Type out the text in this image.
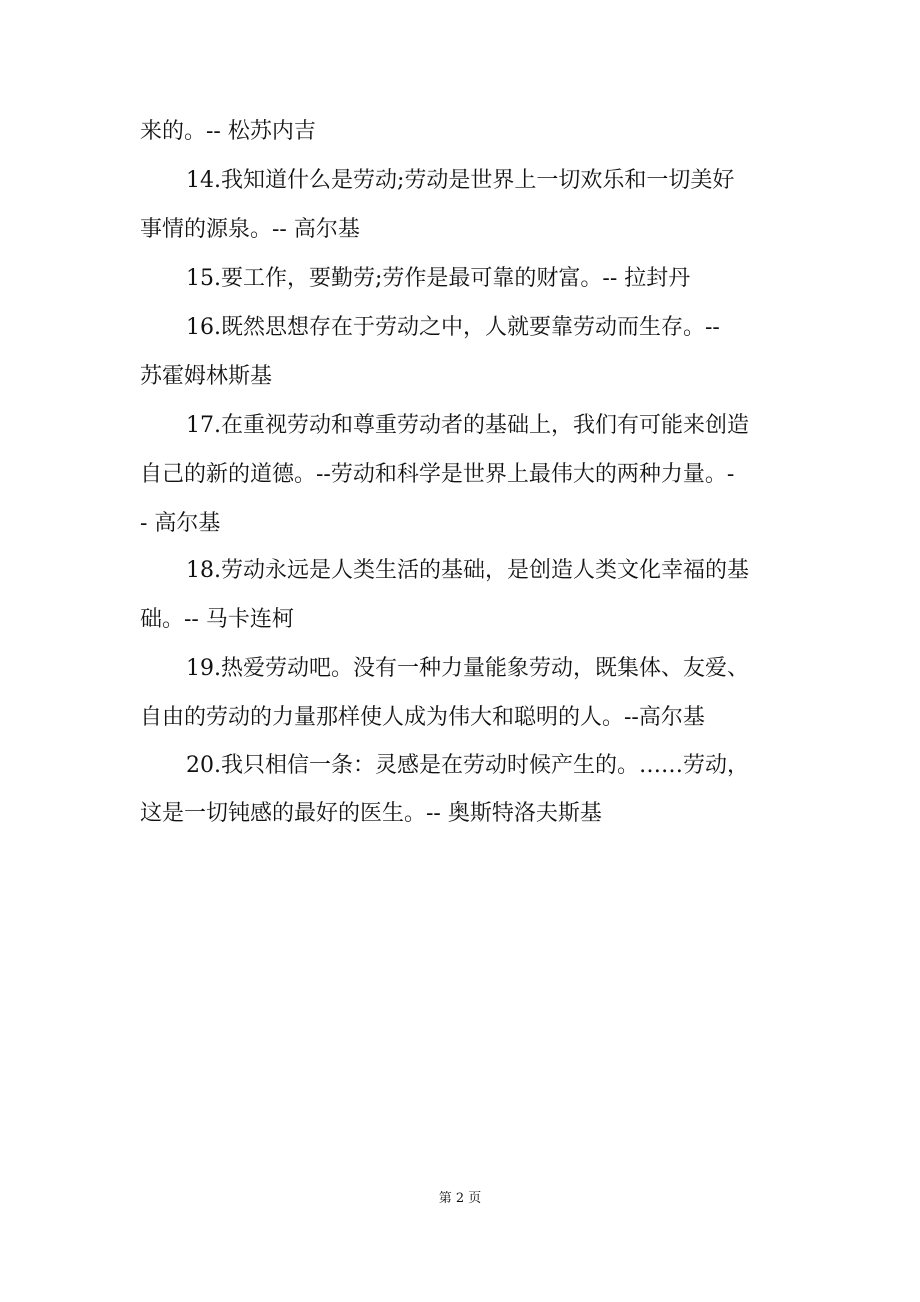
来的。-- 松苏内吉
14.我知道什么是劳动;劳动是世界上一切欢乐和一切美好
事情的源泉。-- 高尔基
15.要工作，要勤劳;劳作是最可靠的财富。-- 拉封丹
16.既然思想存在于劳动之中，人就要靠劳动而生存。--
苏霍姆林斯基
17.在重视劳动和尊重劳动者的基础上，我们有可能来创造
自己的新的道德。--劳动和科学是世界上最伟大的两种力量。-
- 高尔基
18.劳动永远是人类生活的基础，是创造人类文化幸福的基
础。-- 马卡连柯
19.热爱劳动吧。没有一种力量能象劳动，既集体、友爱、
自由的劳动的力量那样使人成为伟大和聪明的人。--高尔基
20.我只相信一条：灵感是在劳动时候产生的。……劳动，
这是一切钝感的最好的医生。-- 奥斯特洛夫斯基
第 2 页
